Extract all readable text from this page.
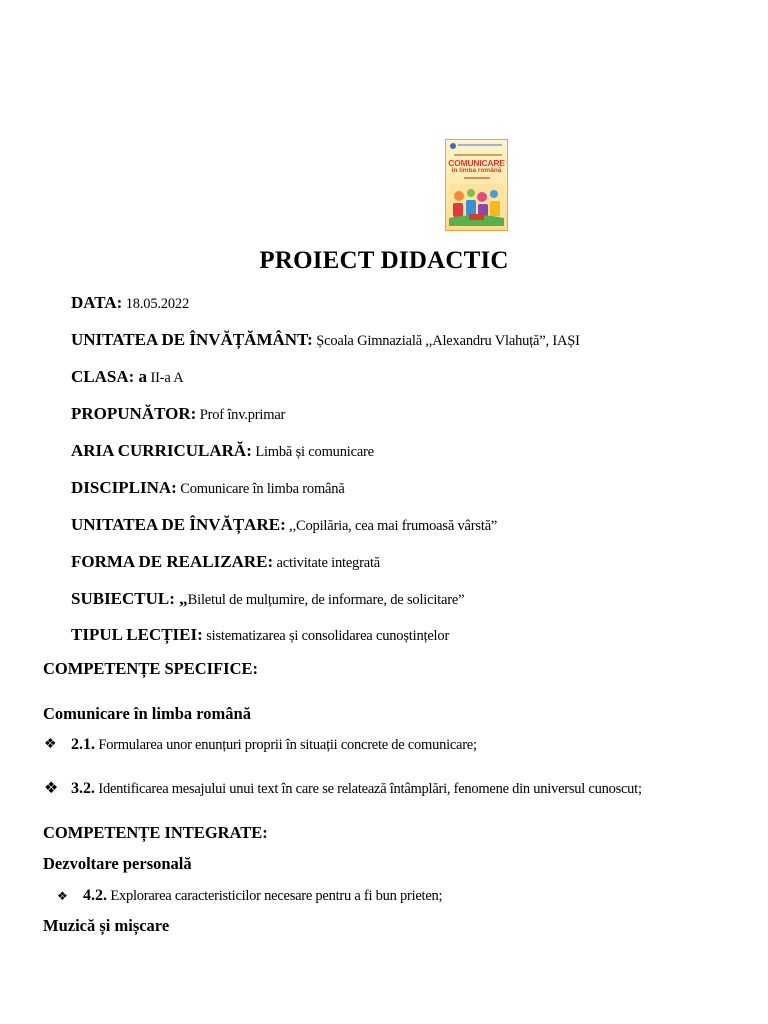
COMUNICARE
în limba română
PROIECT DIDACTIC
DATA: 18.05.2022
UNITATEA DE ÎNVĂȚĂMÂNT: Școala Gimnazială ,,Alexandru Vlahuță”, IAȘI
CLASA: a II-a A
PROPUNĂTOR: Prof înv.primar
ARIA CURRICULARĂ: Limbă și comunicare
DISCIPLINA: Comunicare în limba română
UNITATEA DE ÎNVĂȚARE: ,,Copilăria, cea mai frumoasă vârstă”
FORMA DE REALIZARE: activitate integrată
SUBIECTUL: „Biletul de mulțumire, de informare, de solicitare”
TIPUL LECȚIEI: sistematizarea și consolidarea cunoștințelor
COMPETENȚE SPECIFICE:
Comunicare în limba română
❖ 2.1. Formularea unor enunțuri proprii în situații concrete de comunicare;
❖ 3.2. Identificarea mesajului unui text în care se relatează întâmplări, fenomene din universul cunoscut;
COMPETENȚE INTEGRATE:
Dezvoltare personală
❖ 4.2. Explorarea caracteristicilor necesare pentru a fi bun prieten;
Muzică și mișcare
